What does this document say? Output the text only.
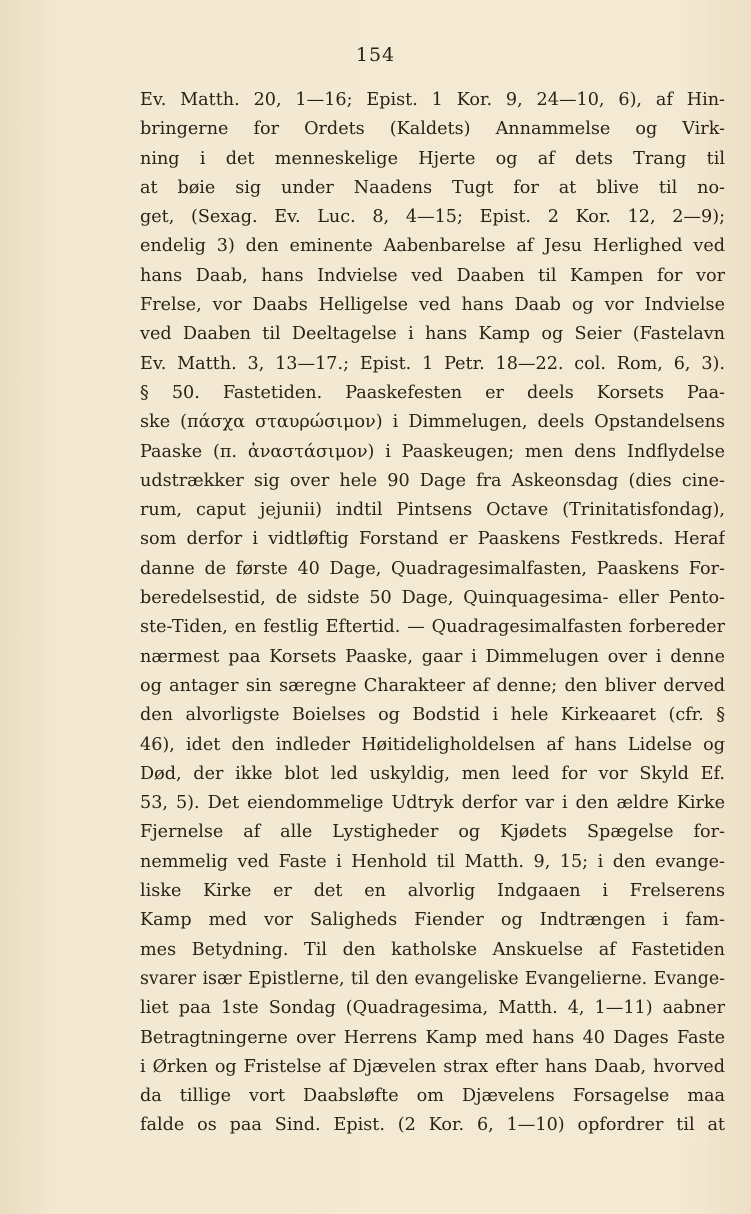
154
Ev. Matth. 20, 1—16; Epist. 1 Kor. 9, 24—10, 6), af Hin-
bringerne for Ordets (Kaldets) Annammelse og Virk-
ning i det menneskelige Hjerte og af dets Trang til
at bøie sig under Naadens Tugt for at blive til no-
get, (Sexag. Ev. Luc. 8, 4—15; Epist. 2 Kor. 12, 2—9);
endelig 3) den eminente Aabenbarelse af Jesu Herlighed ved
hans Daab, hans Indvielse ved Daaben til Kampen for vor
Frelse, vor Daabs Helligelse ved hans Daab og vor Indvielse
ved Daaben til Deeltagelse i hans Kamp og Seier (Fastelavn
Ev. Matth. 3, 13—17.; Epist. 1 Petr. 18—22. col. Rom, 6, 3).
§ 50. Fastetiden. Paaskefesten er deels Korsets Paa-
ske (πάσχα σταυρώσιμον) i Dimmelugen, deels Opstandelsens
Paaske (π. ἀναστάσιμον) i Paaskeugen; men dens Indflydelse
udstrækker sig over hele 90 Dage fra Askeonsdag (dies cine-
rum, caput jejunii) indtil Pintsens Octave (Trinitatisfondag),
som derfor i vidtløftig Forstand er Paaskens Festkreds. Heraf
danne de første 40 Dage, Quadragesimalfasten, Paaskens For-
beredelsestid, de sidste 50 Dage, Quinquagesima- eller Pento-
ste-Tiden, en festlig Eftertid. — Quadragesimalfasten forbereder
nærmest paa Korsets Paaske, gaar i Dimmelugen over i denne
og antager sin særegne Charakteer af denne; den bliver derved
den alvorligste Boielses og Bodstid i hele Kirkeaaret (cfr. §
46), idet den indleder Høitideligholdelsen af hans Lidelse og
Død, der ikke blot led uskyldig, men leed for vor Skyld Ef.
53, 5). Det eiendommelige Udtryk derfor var i den ældre Kirke
Fjernelse af alle Lystigheder og Kjødets Spægelse for-
nemmelig ved Faste i Henhold til Matth. 9, 15; i den evange-
liske Kirke er det en alvorlig Indgaaen i Frelserens
Kamp med vor Saligheds Fiender og Indtrængen i fam-
mes Betydning. Til den katholske Anskuelse af Fastetiden
svarer især Epistlerne, til den evangeliske Evangelierne. Evange-
liet paa 1ste Sondag (Quadragesima, Matth. 4, 1—11) aabner
Betragtningerne over Herrens Kamp med hans 40 Dages Faste
i Ørken og Fristelse af Djævelen strax efter hans Daab, hvorved
da tillige vort Daabsløfte om Djævelens Forsagelse maa
falde os paa Sind. Epist. (2 Kor. 6, 1—10) opfordrer til at
